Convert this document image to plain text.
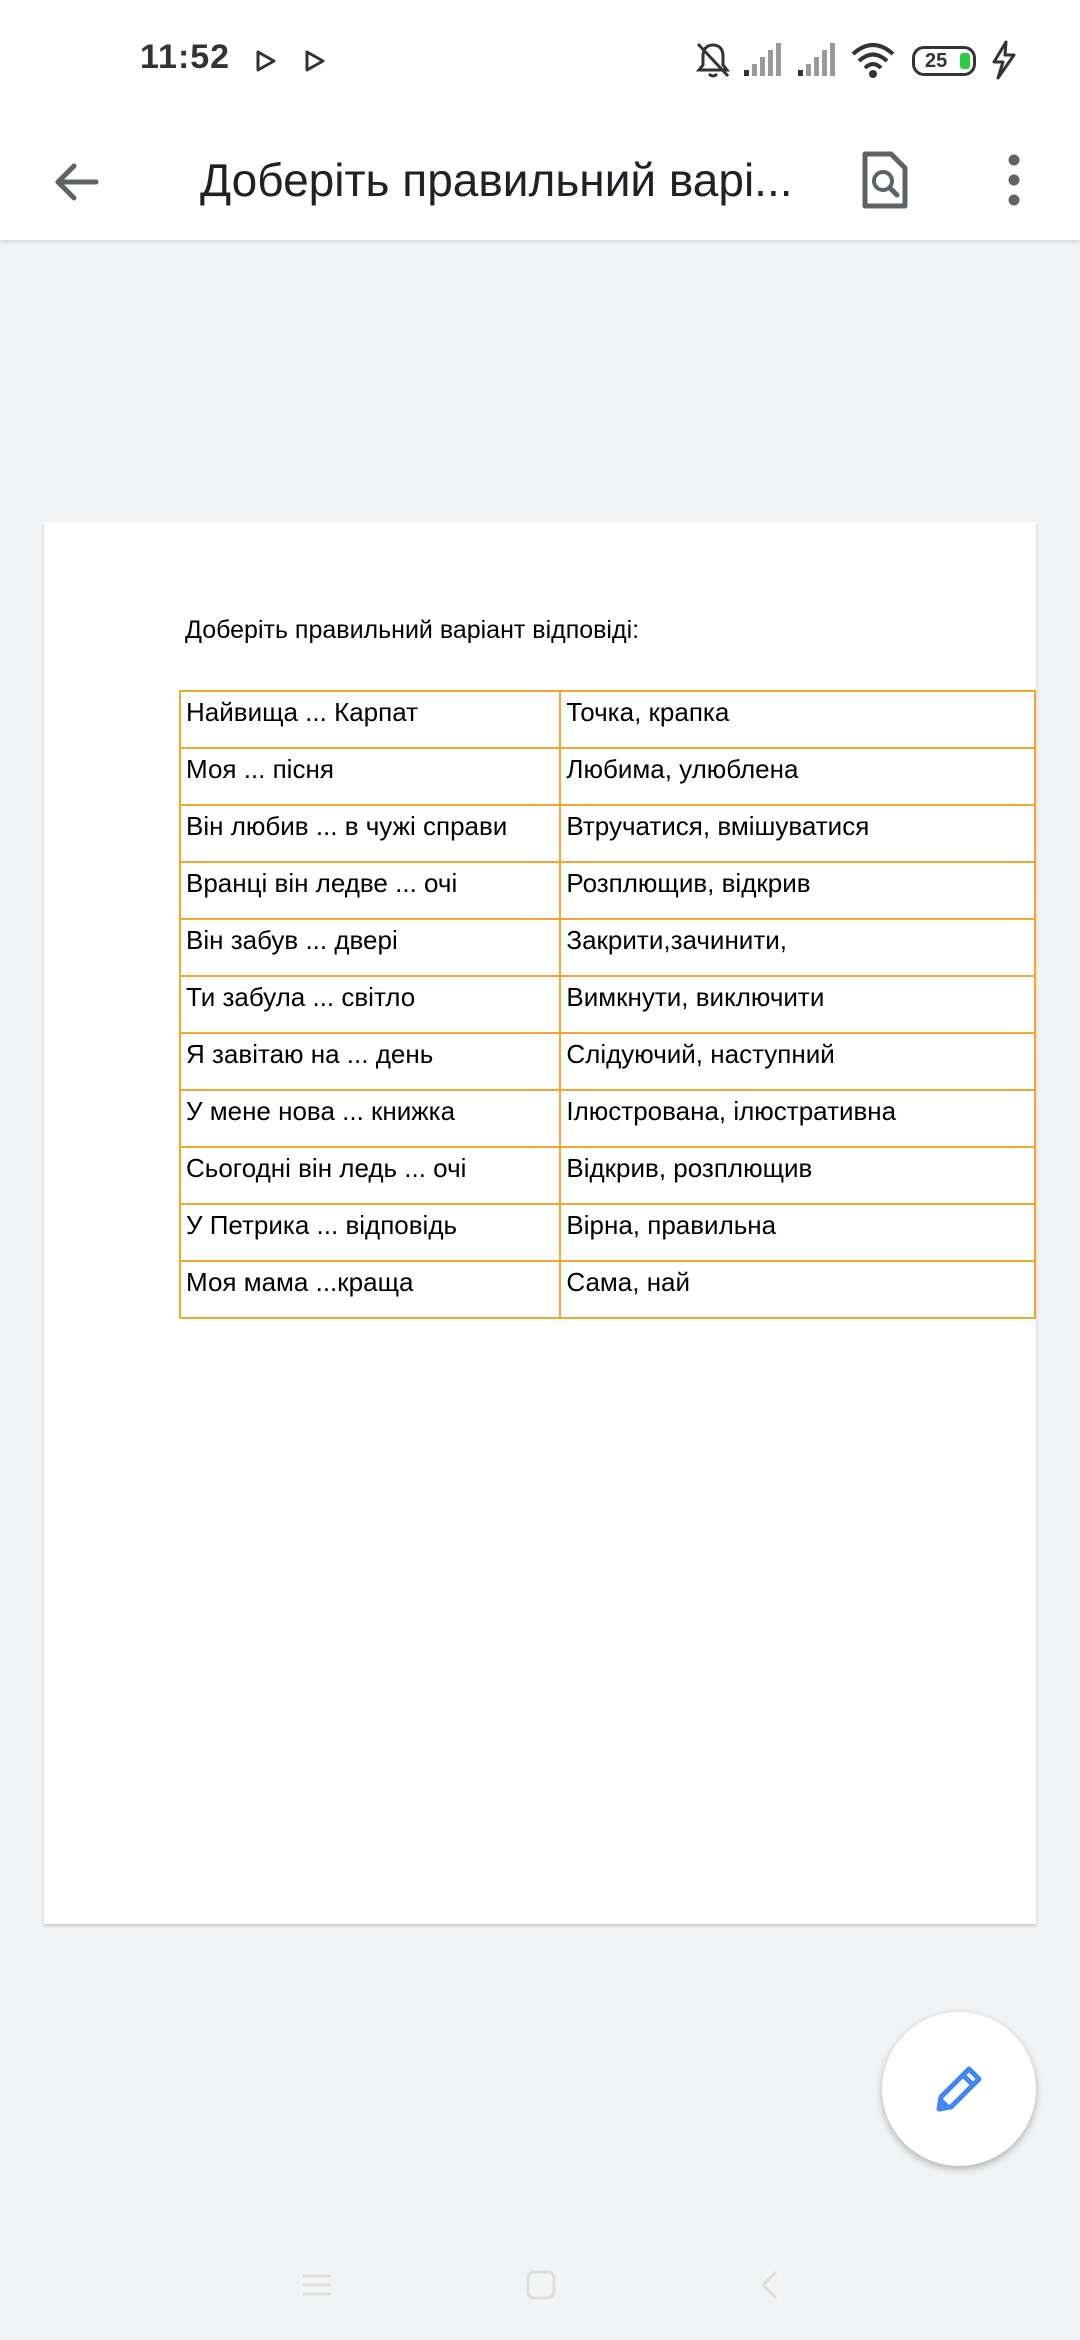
11:52	25
Доберіть правильний варі...
Доберіть правильний варіант відповіді:
Найвища ... Карпат	Точка, крапка
Моя ... пісня	Любима, улюблена
Він любив ... в чужі справи	Втручатися, вмішуватися
Вранці він ледве ... очі	Розплющив, відкрив
Він забув ... двері	Закрити,зачинити,
Ти забула ... світло	Вимкнути, виключити
Я завітаю на ... день	Слідуючий, наступний
У мене нова ... книжка	Ілюстрована, ілюстративна
Сьогодні він ледь ... очі	Відкрив, розплющив
У Петрика ... відповідь	Вірна, правильна
Моя мама ...краща	Сама, най
